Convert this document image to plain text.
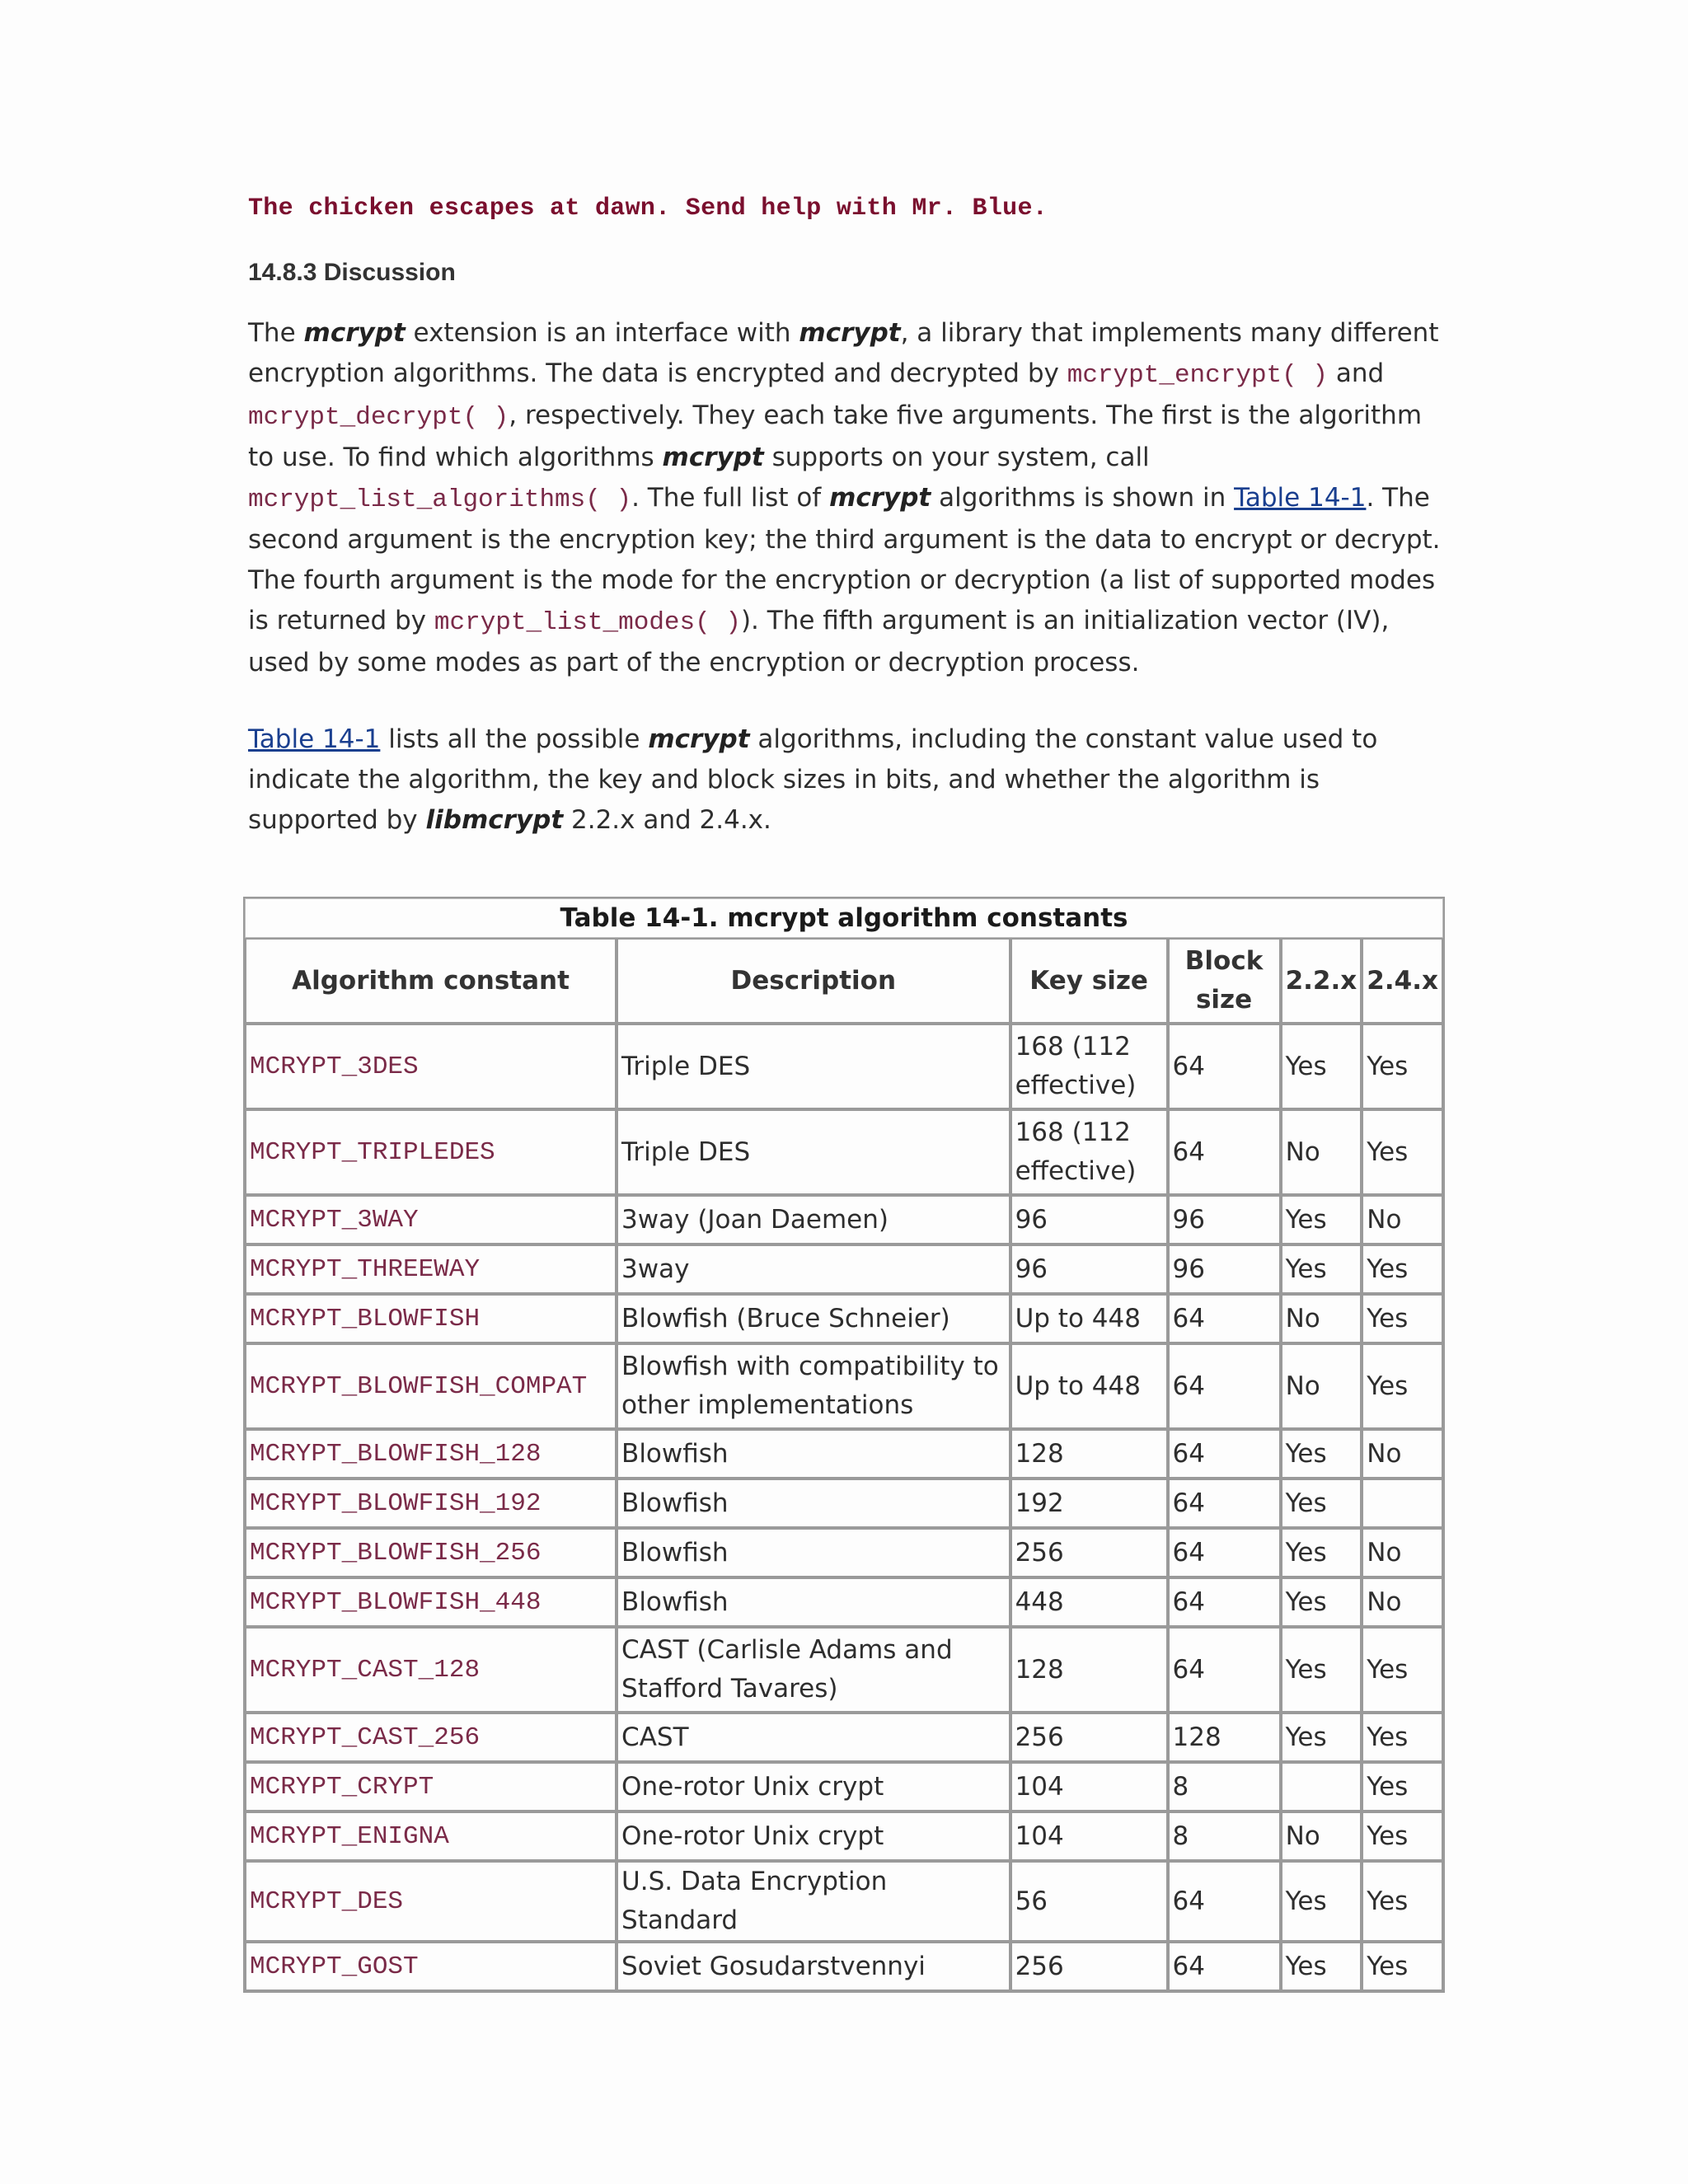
The chicken escapes at dawn. Send help with Mr. Blue.

14.8.3 Discussion

The mcrypt extension is an interface with mcrypt, a library that implements many different encryption algorithms. The data is encrypted and decrypted by mcrypt_encrypt( ) and mcrypt_decrypt( ), respectively. They each take five arguments. The first is the algorithm to use. To find which algorithms mcrypt supports on your system, call mcrypt_list_algorithms( ). The full list of mcrypt algorithms is shown in Table 14-1. The second argument is the encryption key; the third argument is the data to encrypt or decrypt. The fourth argument is the mode for the encryption or decryption (a list of supported modes is returned by mcrypt_list_modes( )). The fifth argument is an initialization vector (IV), used by some modes as part of the encryption or decryption process.

Table 14-1 lists all the possible mcrypt algorithms, including the constant value used to indicate the algorithm, the key and block sizes in bits, and whether the algorithm is supported by libmcrypt 2.2.x and 2.4.x.

Table 14-1. mcrypt algorithm constants					
Algorithm constant	Description	Key size	Block size	2.2.x	2.4.x
MCRYPT_3DES	Triple DES	168 (112 effective)	64	Yes	Yes
MCRYPT_TRIPLEDES	Triple DES	168 (112 effective)	64	No	Yes
MCRYPT_3WAY	3way (Joan Daemen)	96	96	Yes	No
MCRYPT_THREEWAY	3way	96	96	Yes	Yes
MCRYPT_BLOWFISH	Blowfish (Bruce Schneier)	Up to 448	64	No	Yes
MCRYPT_BLOWFISH_COMPAT	Blowfish with compatibility to other implementations	Up to 448	64	No	Yes
MCRYPT_BLOWFISH_128	Blowfish	128	64	Yes	No
MCRYPT_BLOWFISH_192	Blowfish	192	64	Yes	
MCRYPT_BLOWFISH_256	Blowfish	256	64	Yes	No
MCRYPT_BLOWFISH_448	Blowfish	448	64	Yes	No
MCRYPT_CAST_128	CAST (Carlisle Adams and Stafford Tavares)	128	64	Yes	Yes
MCRYPT_CAST_256	CAST	256	128	Yes	Yes
MCRYPT_CRYPT	One-rotor Unix crypt	104	8		Yes
MCRYPT_ENIGNA	One-rotor Unix crypt	104	8	No	Yes
MCRYPT_DES	U.S. Data Encryption Standard	56	64	Yes	Yes
MCRYPT_GOST	Soviet Gosudarstvennyi	256	64	Yes	Yes
